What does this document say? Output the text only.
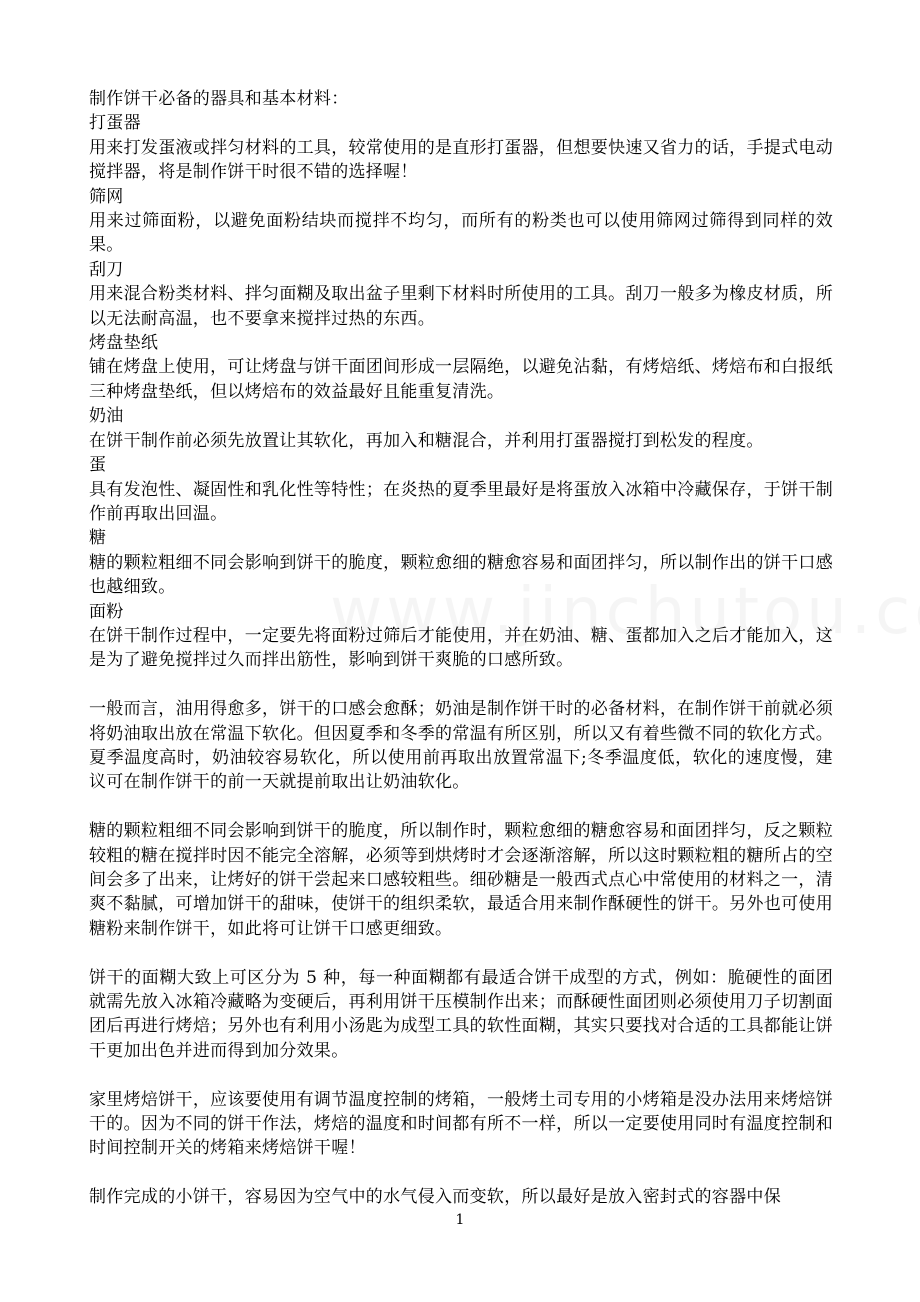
制作饼干必备的器具和基本材料：

打蛋器

用来打发蛋液或拌匀材料的工具，较常使用的是直形打蛋器，但想要快速又省力的话，手提式电动搅拌器，将是制作饼干时很不错的选择喔！

筛网

用来过筛面粉，以避免面粉结块而搅拌不均匀，而所有的粉类也可以使用筛网过筛得到同样的效果。

刮刀

用来混合粉类材料、拌匀面糊及取出盆子里剩下材料时所使用的工具。刮刀一般多为橡皮材质，所以无法耐高温，也不要拿来搅拌过热的东西。

烤盘垫纸

铺在烤盘上使用，可让烤盘与饼干面团间形成一层隔绝，以避免沾黏，有烤焙纸、烤焙布和白报纸三种烤盘垫纸，但以烤焙布的效益最好且能重复清洗。

奶油

在饼干制作前必须先放置让其软化，再加入和糖混合，并利用打蛋器搅打到松发的程度。

蛋

具有发泡性、凝固性和乳化性等特性；在炎热的夏季里最好是将蛋放入冰箱中冷藏保存，于饼干制作前再取出回温。

糖

糖的颗粒粗细不同会影响到饼干的脆度，颗粒愈细的糖愈容易和面团拌匀，所以制作出的饼干口感也越细致。

面粉

在饼干制作过程中，一定要先将面粉过筛后才能使用，并在奶油、糖、蛋都加入之后才能加入，这是为了避免搅拌过久而拌出筋性，影响到饼干爽脆的口感所致。

一般而言，油用得愈多，饼干的口感会愈酥；奶油是制作饼干时的必备材料，在制作饼干前就必须将奶油取出放在常温下软化。但因夏季和冬季的常温有所区别，所以又有着些微不同的软化方式。夏季温度高时，奶油较容易软化，所以使用前再取出放置常温下;冬季温度低，软化的速度慢，建议可在制作饼干的前一天就提前取出让奶油软化。

糖的颗粒粗细不同会影响到饼干的脆度，所以制作时，颗粒愈细的糖愈容易和面团拌匀，反之颗粒较粗的糖在搅拌时因不能完全溶解，必须等到烘烤时才会逐渐溶解，所以这时颗粒粗的糖所占的空间会多了出来，让烤好的饼干尝起来口感较粗些。细砂糖是一般西式点心中常使用的材料之一，清爽不黏腻，可增加饼干的甜味，使饼干的组织柔软，最适合用来制作酥硬性的饼干。另外也可使用糖粉来制作饼干，如此将可让饼干口感更细致。

饼干的面糊大致上可区分为 5 种，每一种面糊都有最适合饼干成型的方式，例如：脆硬性的面团就需先放入冰箱冷藏略为变硬后，再利用饼干压模制作出来；而酥硬性面团则必须使用刀子切割面团后再进行烤焙；另外也有利用小汤匙为成型工具的软性面糊，其实只要找对合适的工具都能让饼干更加出色并进而得到加分效果。

家里烤焙饼干，应该要使用有调节温度控制的烤箱，一般烤土司专用的小烤箱是没办法用来烤焙饼干的。因为不同的饼干作法，烤焙的温度和时间都有所不一样，所以一定要使用同时有温度控制和时间控制开关的烤箱来烤焙饼干喔！

制作完成的小饼干，容易因为空气中的水气侵入而变软，所以最好是放入密封式的容器中保

1
